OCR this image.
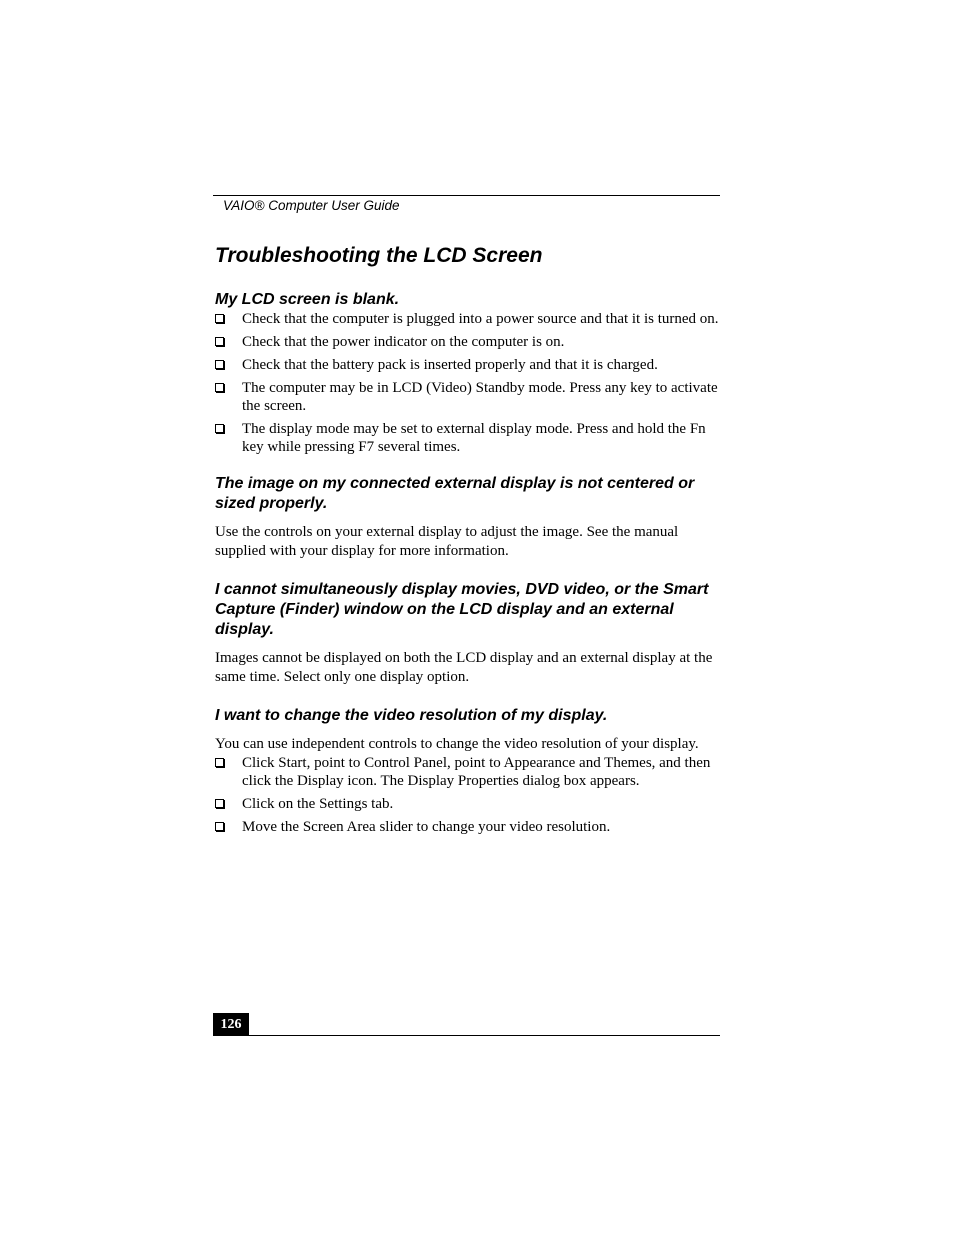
VAIO® Computer User Guide
Troubleshooting the LCD Screen
My LCD screen is blank.
Check that the computer is plugged into a power source and that it is turned on.
Check that the power indicator on the computer is on.
Check that the battery pack is inserted properly and that it is charged.
The computer may be in LCD (Video) Standby mode. Press any key to activate the screen.
The display mode may be set to external display mode. Press and hold the Fn key while pressing F7 several times.
The image on my connected external display is not centered or sized properly.

Use the controls on your external display to adjust the image. See the manual supplied with your display for more information.

I cannot simultaneously display movies, DVD video, or the Smart Capture (Finder) window on the LCD display and an external display.

Images cannot be displayed on both the LCD display and an external display at the same time. Select only one display option.

I want to change the video resolution of my display.

You can use independent controls to change the video resolution of your display.

Click Start, point to Control Panel, point to Appearance and Themes, and then click the Display icon. The Display Properties dialog box appears.
Click on the Settings tab.
Move the Screen Area slider to change your video resolution.
126
